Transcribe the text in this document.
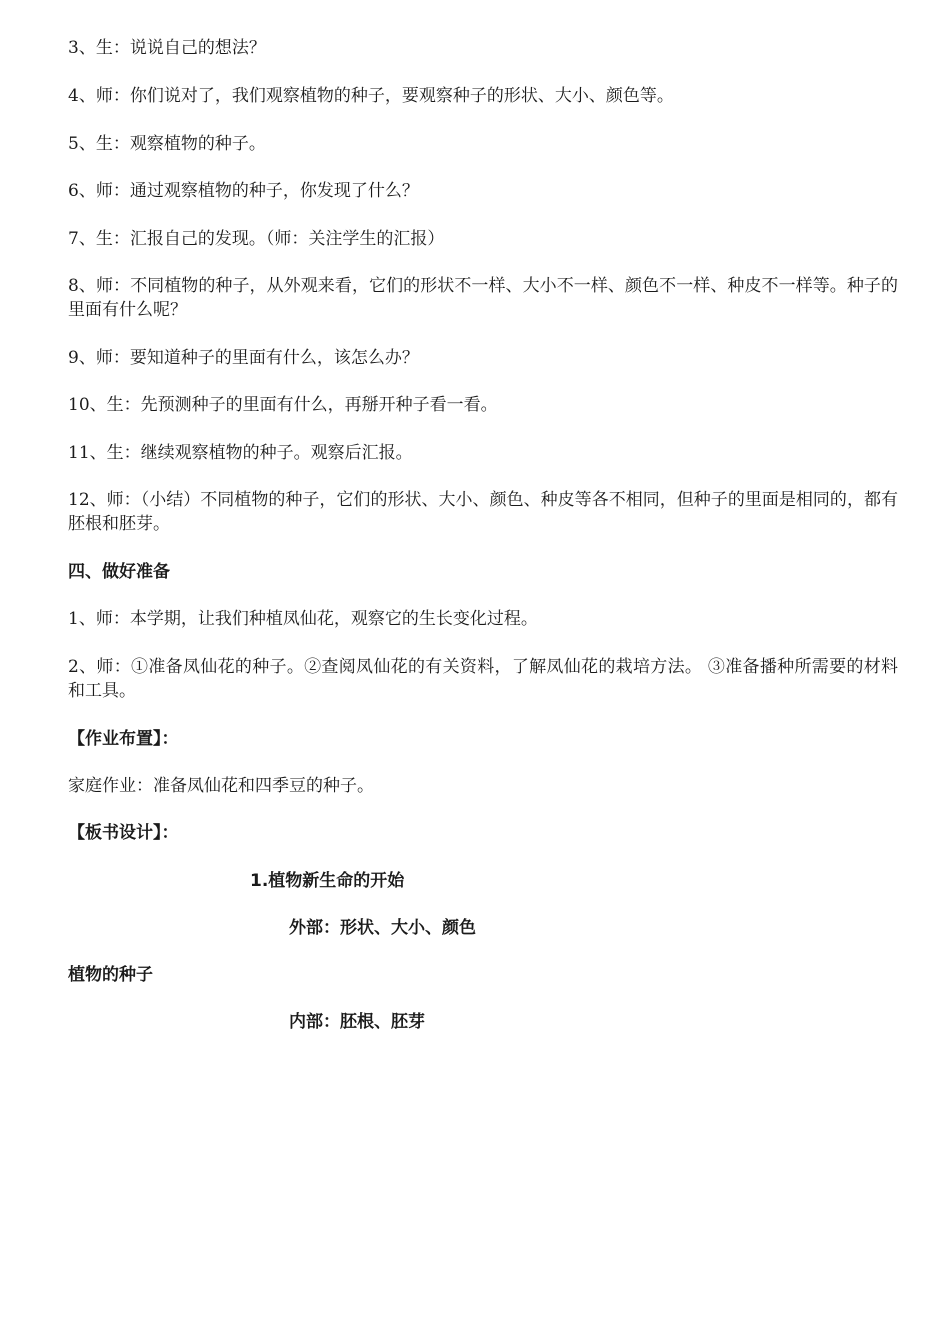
3、生：说说自己的想法？
4、师：你们说对了，我们观察植物的种子，要观察种子的形状、大小、颜色等。
5、生：观察植物的种子。
6、师：通过观察植物的种子，你发现了什么？
7、生：汇报自己的发现。（师：关注学生的汇报）
8、师：不同植物的种子，从外观来看，它们的形状不一样、大小不一样、颜色不一样、种皮不一样等。种子的里面有什么呢？
9、师：要知道种子的里面有什么，该怎么办？
10、生：先预测种子的里面有什么，再掰开种子看一看。
11、生：继续观察植物的种子。观察后汇报。
12、师：（小结）不同植物的种子，它们的形状、大小、颜色、种皮等各不相同，但种子的里面是相同的，都有胚根和胚芽。
四、做好准备
1、师：本学期，让我们种植凤仙花，观察它的生长变化过程。
2、师：①准备凤仙花的种子。②查阅凤仙花的有关资料，了解凤仙花的栽培方法。 ③准备播种所需要的材料和工具。
【作业布置】：
家庭作业：准备凤仙花和四季豆的种子。
【板书设计】：
1.植物新生命的开始
外部：形状、大小、颜色
植物的种子
内部：胚根、胚芽
